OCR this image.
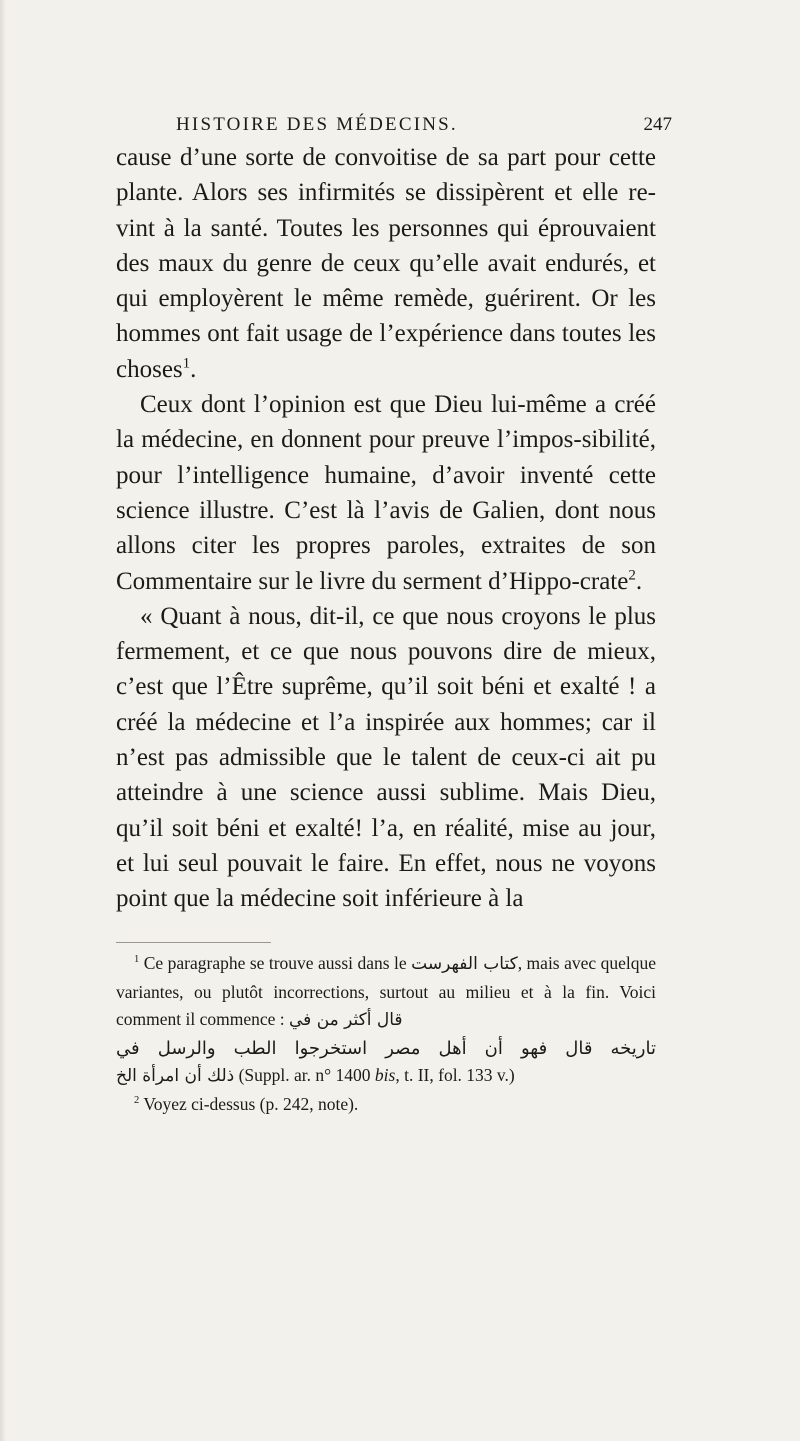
HISTOIRE DES MÉDECINS.	247

cause d’une sorte de convoitise de sa part pour cette plante. Alors ses infirmités se dissipèrent et elle re-vint à la santé. Toutes les personnes qui éprouvaient des maux du genre de ceux qu’elle avait endurés, et qui employèrent le même remède, guérirent. Or les hommes ont fait usage de l’expérience dans toutes les choses$^1$.

Ceux dont l’opinion est que Dieu lui-même a créé la médecine, en donnent pour preuve l’impos-sibilité, pour l’intelligence humaine, d’avoir inventé cette science illustre. C’est là l’avis de Galien, dont nous allons citer les propres paroles, extraites de son Commentaire sur le livre du serment d’Hippo-crate$^2$.

« Quant à nous, dit-il, ce que nous croyons le plus fermement, et ce que nous pouvons dire de mieux, c’est que l’Être suprême, qu’il soit béni et exalté ! a créé la médecine et l’a inspirée aux hommes; car il n’est pas admissible que le talent de ceux-ci ait pu atteindre à une science aussi sublime. Mais Dieu, qu’il soit béni et exalté! l’a, en réalité, mise au jour, et lui seul pouvait le faire. En effet, nous ne voyons point que la médecine soit inférieure à la

$^1$ Ce paragraphe se trouve aussi dans le كتاب الفهرست, mais avec quelque variantes, ou plutôt incorrections, surtout au milieu et à la fin. Voici comment il commence : قال أكثر من في

تاريخه قال فهو أن أهل مصر استخرجوا الطب والرسل في

ذلك أن امرأة الخ (Suppl. ar. n° 1400 bis, t. II, fol. 133 v.)

$^2$ Voyez ci-dessus (p. 242, note).
